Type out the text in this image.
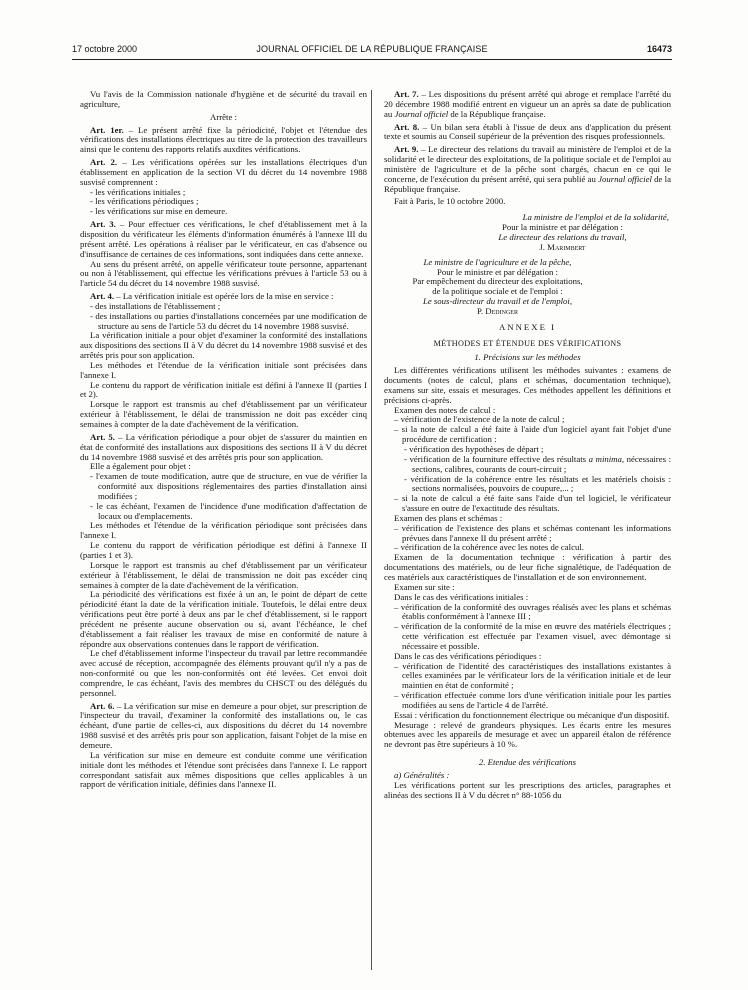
17 octobre 2000	JOURNAL OFFICIEL DE LA RÉPUBLIQUE FRANÇAISE	16473

Vu l'avis de la Commission nationale d'hygiène et de sécurité du travail en agriculture,

Arrête :

Art. 1er. – Le présent arrêté fixe la périodicité, l'objet et l'étendue des vérifications des installations électriques au titre de la protection des travailleurs ainsi que le contenu des rapports relatifs auxdites vérifications.

Art. 2. – Les vérifications opérées sur les installations électriques d'un établissement en application de la section VI du décret du 14 novembre 1988 susvisé comprennent :

- les vérifications initiales ;
- les vérifications périodiques ;
- les vérifications sur mise en demeure.

Art. 3. – Pour effectuer ces vérifications, le chef d'établissement met à la disposition du vérificateur les éléments d'information énumérés à l'annexe III du présent arrêté. Les opérations à réaliser par le vérificateur, en cas d'absence ou d'insuffisance de certaines de ces informations, sont indiquées dans cette annexe.

Au sens du présent arrêté, on appelle vérificateur toute personne, appartenant ou non à l'établissement, qui effectue les vérifications prévues à l'article 53 ou à l'article 54 du décret du 14 novembre 1988 susvisé.

Art. 4. – La vérification initiale est opérée lors de la mise en service :

- des installations de l'établissement ;
- des installations ou parties d'installations concernées par une modification de structure au sens de l'article 53 du décret du 14 novembre 1988 susvisé.

La vérification initiale a pour objet d'examiner la conformité des installations aux dispositions des sections II à V du décret du 14 novembre 1988 susvisé et des arrêtés pris pour son application.

Les méthodes et l'étendue de la vérification initiale sont précisées dans l'annexe I.

Le contenu du rapport de vérification initiale est défini à l'annexe II (parties I et 2).

Lorsque le rapport est transmis au chef d'établissement par un vérificateur extérieur à l'établissement, le délai de transmission ne doit pas excéder cinq semaines à compter de la date d'achèvement de la vérification.

Art. 5. – La vérification périodique a pour objet de s'assurer du maintien en état de conformité des installations aux dispositions des sections II à V du décret du 14 novembre 1988 susvisé et des arrêtés pris pour son application.

Elle a également pour objet :

- l'examen de toute modification, autre que de structure, en vue de vérifier la conformité aux dispositions réglementaires des parties d'installation ainsi modifiées ;
- le cas échéant, l'examen de l'incidence d'une modification d'affectation de locaux ou d'emplacements.

Les méthodes et l'étendue de la vérification périodique sont précisées dans l'annexe I.

Le contenu du rapport de vérification périodique est défini à l'annexe II (parties 1 et 3).

Lorsque le rapport est transmis au chef d'établissement par un vérificateur extérieur à l'établissement, le délai de transmission ne doit pas excéder cinq semaines à compter de la date d'achèvement de la vérification.

La périodicité des vérifications est fixée à un an, le point de départ de cette périodicité étant la date de la vérification initiale. Toutefois, le délai entre deux vérifications peut être porté à deux ans par le chef d'établissement, si le rapport précédent ne présente aucune observation ou si, avant l'échéance, le chef d'établissement a fait réaliser les travaux de mise en conformité de nature à répondre aux observations contenues dans le rapport de vérification.

Le chef d'établissement informe l'inspecteur du travail par lettre recommandée avec accusé de réception, accompagnée des éléments prouvant qu'il n'y a pas de non-conformité ou que les non-conformités ont été levées. Cet envoi doit comprendre, le cas échéant, l'avis des membres du CHSCT ou des délégués du personnel.

Art. 6. – La vérification sur mise en demeure a pour objet, sur prescription de l'inspecteur du travail, d'examiner la conformité des installations ou, le cas échéant, d'une partie de celles-ci, aux dispositions du décret du 14 novembre 1988 susvisé et des arrêtés pris pour son application, faisant l'objet de la mise en demeure.

La vérification sur mise en demeure est conduite comme une vérification initiale dont les méthodes et l'étendue sont précisées dans l'annexe I. Le rapport correspondant satisfait aux mêmes dispositions que celles applicables à un rapport de vérification initiale, définies dans l'annexe II.

Art. 7. – Les dispositions du présent arrêté qui abroge et remplace l'arrêté du 20 décembre 1988 modifié entrent en vigueur un an après sa date de publication au Journal officiel de la République française.

Art. 8. – Un bilan sera établi à l'issue de deux ans d'application du présent texte et soumis au Conseil supérieur de la prévention des risques professionnels.

Art. 9. – Le directeur des relations du travail au ministère de l'emploi et de la solidarité et le directeur des exploitations, de la politique sociale et de l'emploi au ministère de l'agriculture et de la pêche sont chargés, chacun en ce qui le concerne, de l'exécution du présent arrêté, qui sera publié au Journal officiel de la République française.

Fait à Paris, le 10 octobre 2000.

La ministre de l'emploi et de la solidarité,

Pour la ministre et par délégation :

Le directeur des relations du travail,

J. Marimbert

Le ministre de l'agriculture et de la pêche,

Pour le ministre et par délégation :

Par empêchement du directeur des exploitations,

de la politique sociale et de l'emploi :

Le sous-directeur du travail et de l'emploi,

P. Dedinger

ANNEXE I

MÉTHODES ET ÉTENDUE DES VÉRIFICATIONS

1. Précisions sur les méthodes

Les différentes vérifications utilisent les méthodes suivantes : examens de documents (notes de calcul, plans et schémas, documentation technique), examens sur site, essais et mesurages. Ces méthodes appellent les définitions et précisions ci-après.

Examen des notes de calcul :

– vérification de l'existence de la note de calcul ;
– si la note de calcul a été faite à l'aide d'un logiciel ayant fait l'objet d'une procédure de certification :
- vérification des hypothèses de départ ;
- vérification de la fourniture effective des résultats a minima, nécessaires : sections, calibres, courants de court-circuit ;
- vérification de la cohérence entre les résultats et les matériels choisis : sections normalisées, pouvoirs de coupure,... ;
– si la note de calcul a été faite sans l'aide d'un tel logiciel, le vérificateur s'assure en outre de l'exactitude des résultats.

Examen des plans et schémas :

– vérification de l'existence des plans et schémas contenant les informations prévues dans l'annexe II du présent arrêté ;
– vérification de la cohérence avec les notes de calcul.

Examen de la documentation technique : vérification à partir des documentations des matériels, ou de leur fiche signalétique, de l'adéquation de ces matériels aux caractéristiques de l'installation et de son environnement.

Examen sur site :

Dans le cas des vérifications initiales :

– vérification de la conformité des ouvrages réalisés avec les plans et schémas établis conformément à l'annexe III ;
– vérification de la conformité de la mise en œuvre des matériels électriques ; cette vérification est effectuée par l'examen visuel, avec démontage si nécessaire et possible.

Dans le cas des vérifications périodiques :

– vérification de l'identité des caractéristiques des installations existantes à celles examinées par le vérificateur lors de la vérification initiale et de leur maintien en état de conformité ;
– vérification effectuée comme lors d'une vérification initiale pour les parties modifiées au sens de l'article 4 de l'arrêté.

Essai : vérification du fonctionnement électrique ou mécanique d'un dispositif.

Mesurage : relevé de grandeurs physiques. Les écarts entre les mesures obtenues avec les appareils de mesurage et avec un appareil étalon de référence ne devront pas être supérieurs à 10 %.

2. Etendue des vérifications

a) Généralités :

Les vérifications portent sur les prescriptions des articles, paragraphes et alinéas des sections II à V du décret n° 88-1056 du
